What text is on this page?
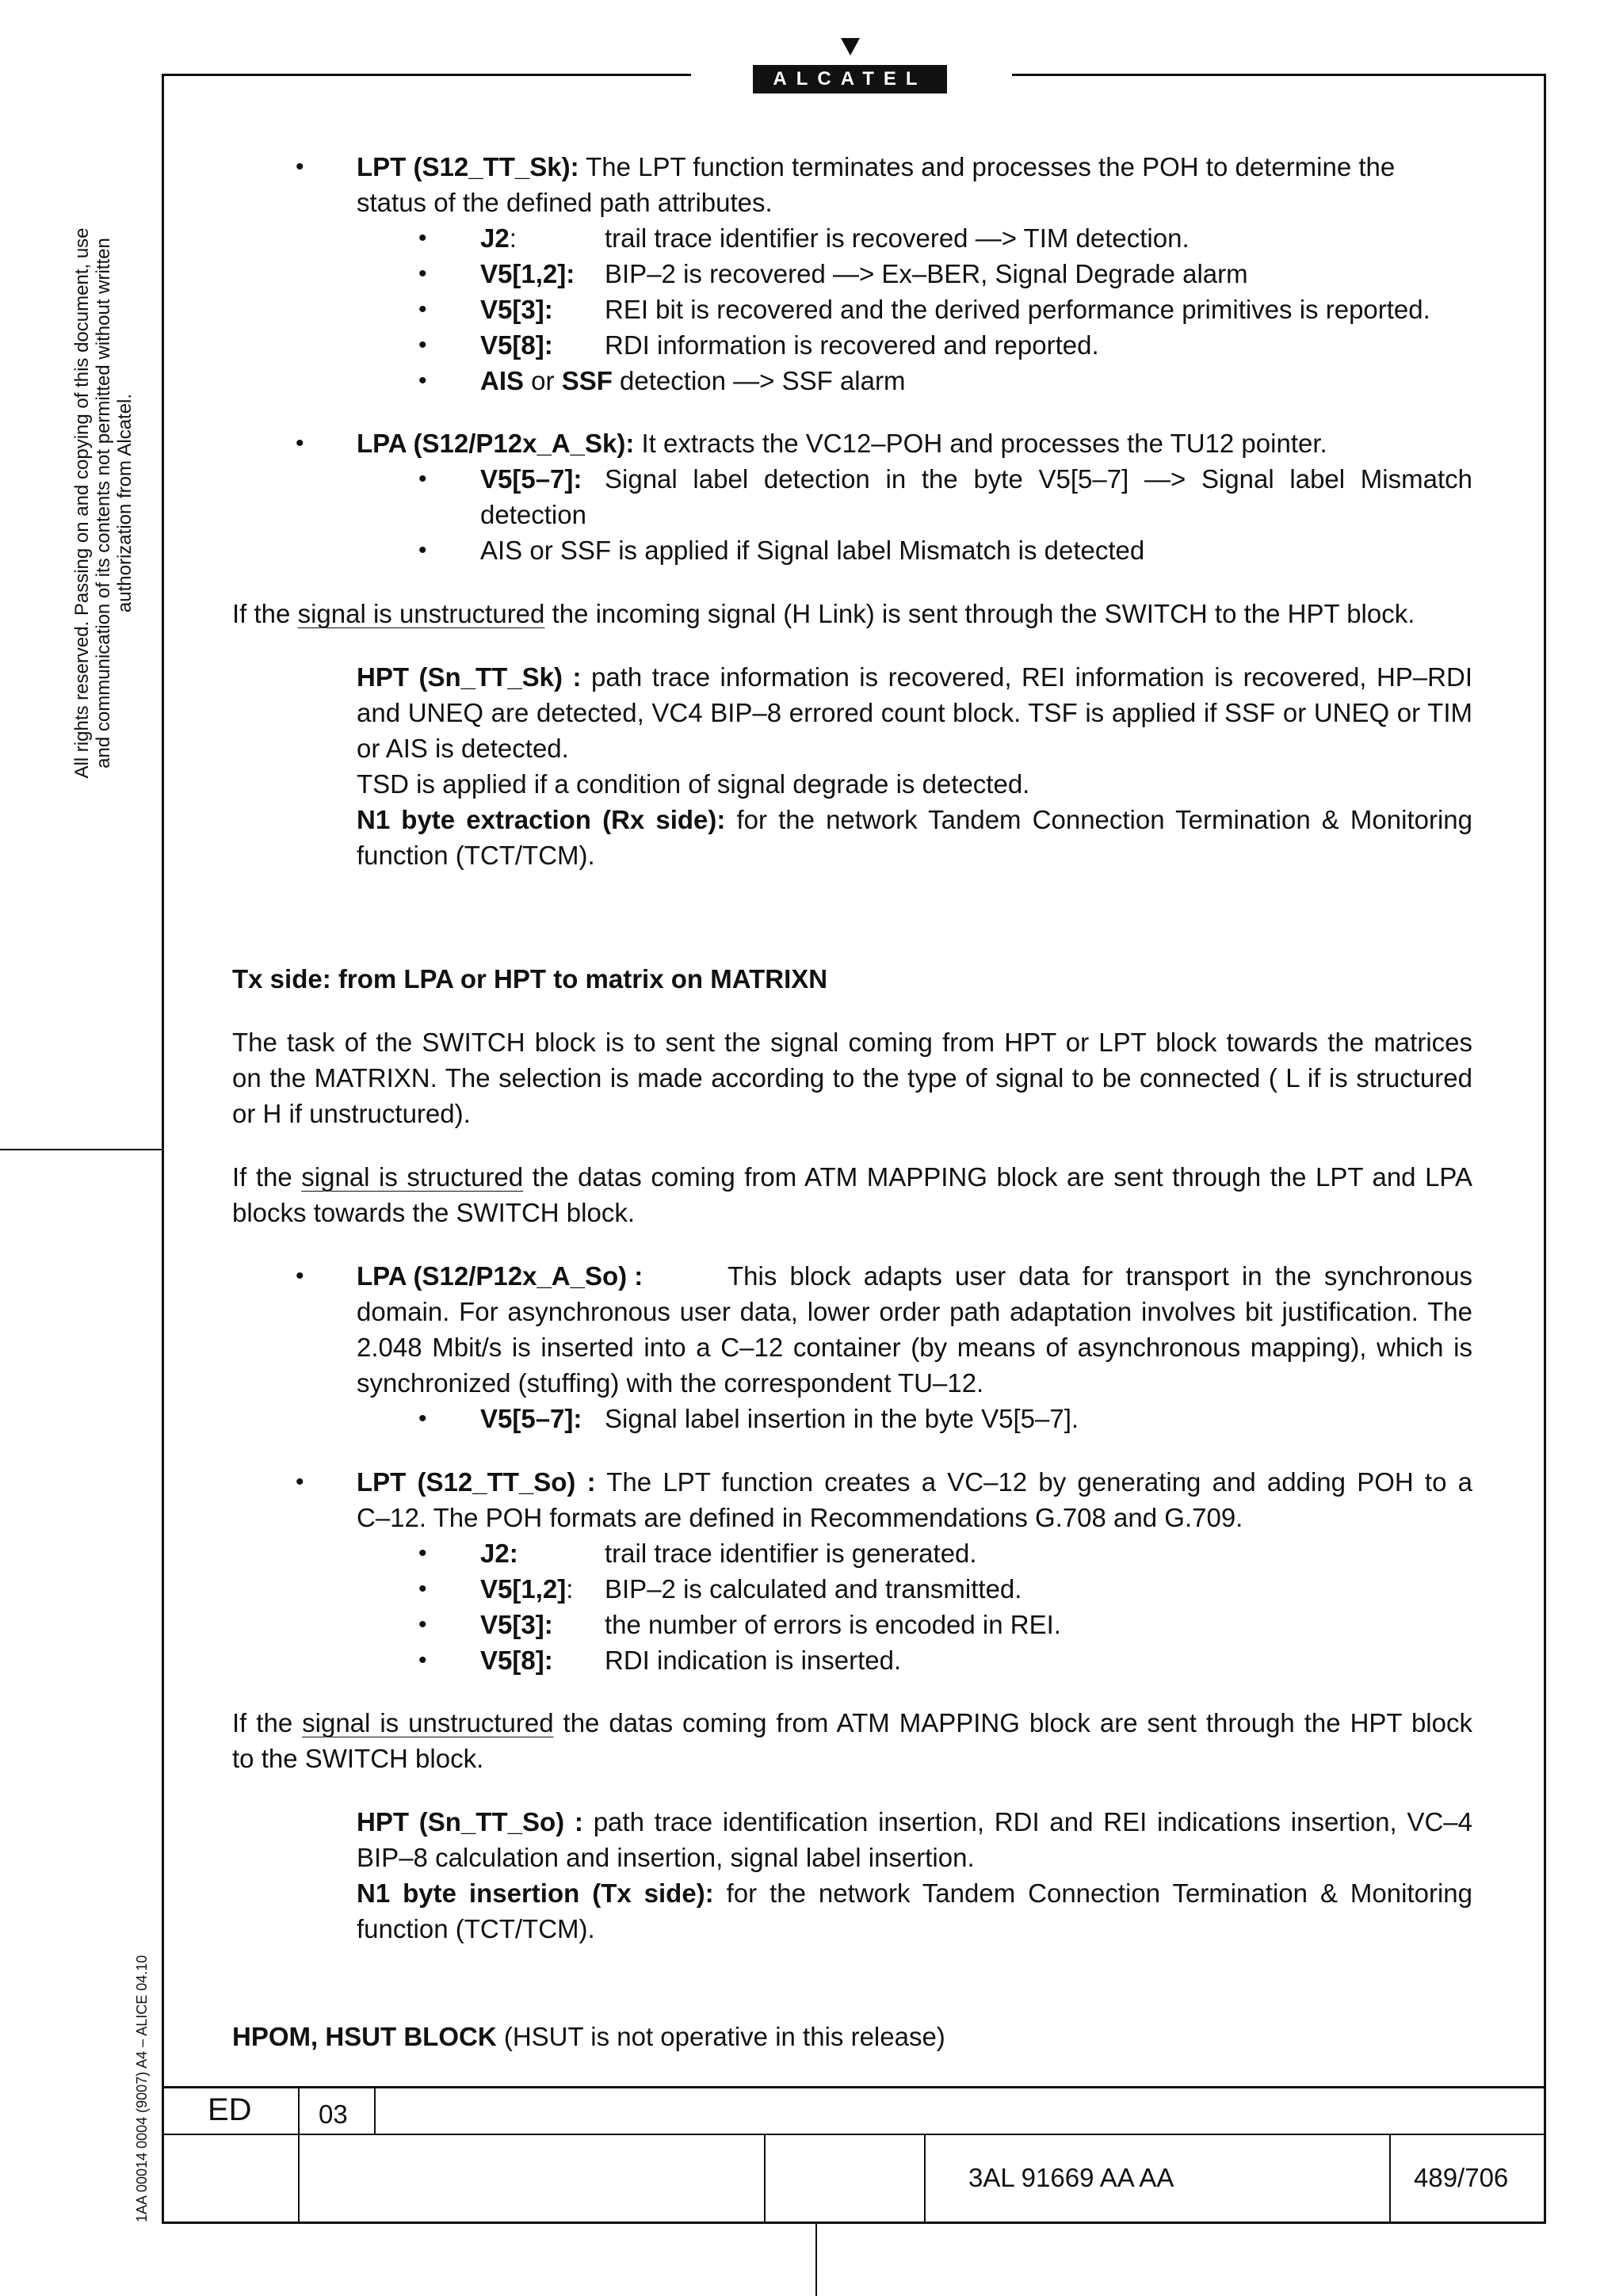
ALCATEL
All rights reserved. Passing on and copying of this document, use and communication of its contents not permitted without written authorization from Alcatel.
1AA 00014 0004 (9007) A4 – ALICE 04.10
• LPT (S12_TT_Sk): The LPT function terminates and processes the POH to determine the
status of the defined path attributes.
• J2:	trail trace identifier is recovered —> TIM detection.
• V5[1,2]: BIP–2 is recovered —> Ex–BER, Signal Degrade alarm
• V5[3]: REI bit is recovered and the derived performance primitives is reported.
• V5[8]: RDI information is recovered and reported.
• AIS or SSF detection —> SSF alarm
• LPA (S12/P12x_A_Sk): It extracts the VC12–POH and processes the TU12 pointer.
• V5[5–7]: Signal label detection in the byte V5[5–7] —> Signal label Mismatch
detection
• AIS or SSF is applied if Signal label Mismatch is detected
If the signal is unstructured the incoming signal (H Link) is sent through the SWITCH to the HPT block.
HPT (Sn_TT_Sk) : path trace information is recovered, REI information is recovered, HP–RDI
and UNEQ are detected, VC4 BIP–8 errored count block. TSF is applied if SSF or UNEQ or TIM
or AIS is detected.
TSD is applied if a condition of signal degrade is detected.
N1 byte extraction (Rx side): for the network Tandem Connection Termination & Monitoring
function (TCT/TCM).
Tx side: from LPA or HPT to matrix on MATRIXN
The task of the SWITCH block is to sent the signal coming from HPT or LPT block towards the matrices
on the MATRIXN. The selection is made according to the type of signal to be connected ( L if is structured
or H if unstructured).
If the signal is structured the datas coming from ATM MAPPING block are sent through the LPT and LPA
blocks towards the SWITCH block.
• LPA (S12/P12x_A_So) :	This block adapts user data for transport in the synchronous
domain. For asynchronous user data, lower order path adaptation involves bit justification. The
2.048 Mbit/s is inserted into a C–12 container (by means of asynchronous mapping), which is
synchronized (stuffing) with the correspondent TU–12.
• V5[5–7]: Signal label insertion in the byte V5[5–7].
• LPT (S12_TT_So) : The LPT function creates a VC–12 by generating and adding POH to a
C–12. The POH formats are defined in Recommendations G.708 and G.709.
• J2:	trail trace identifier is generated.
• V5[1,2]: BIP–2 is calculated and transmitted.
• V5[3]: the number of errors is encoded in REI.
• V5[8]: RDI indication is inserted.
If the signal is unstructured the datas coming from ATM MAPPING block are sent through the HPT block
to the SWITCH block.
HPT (Sn_TT_So) : path trace identification insertion, RDI and REI indications insertion, VC–4
BIP–8 calculation and insertion, signal label insertion.
N1 byte insertion (Tx side): for the network Tandem Connection Termination & Monitoring
function (TCT/TCM).
HPOM, HSUT BLOCK (HSUT is not operative in this release)
ED	03
3AL 91669 AA AA	489/706
